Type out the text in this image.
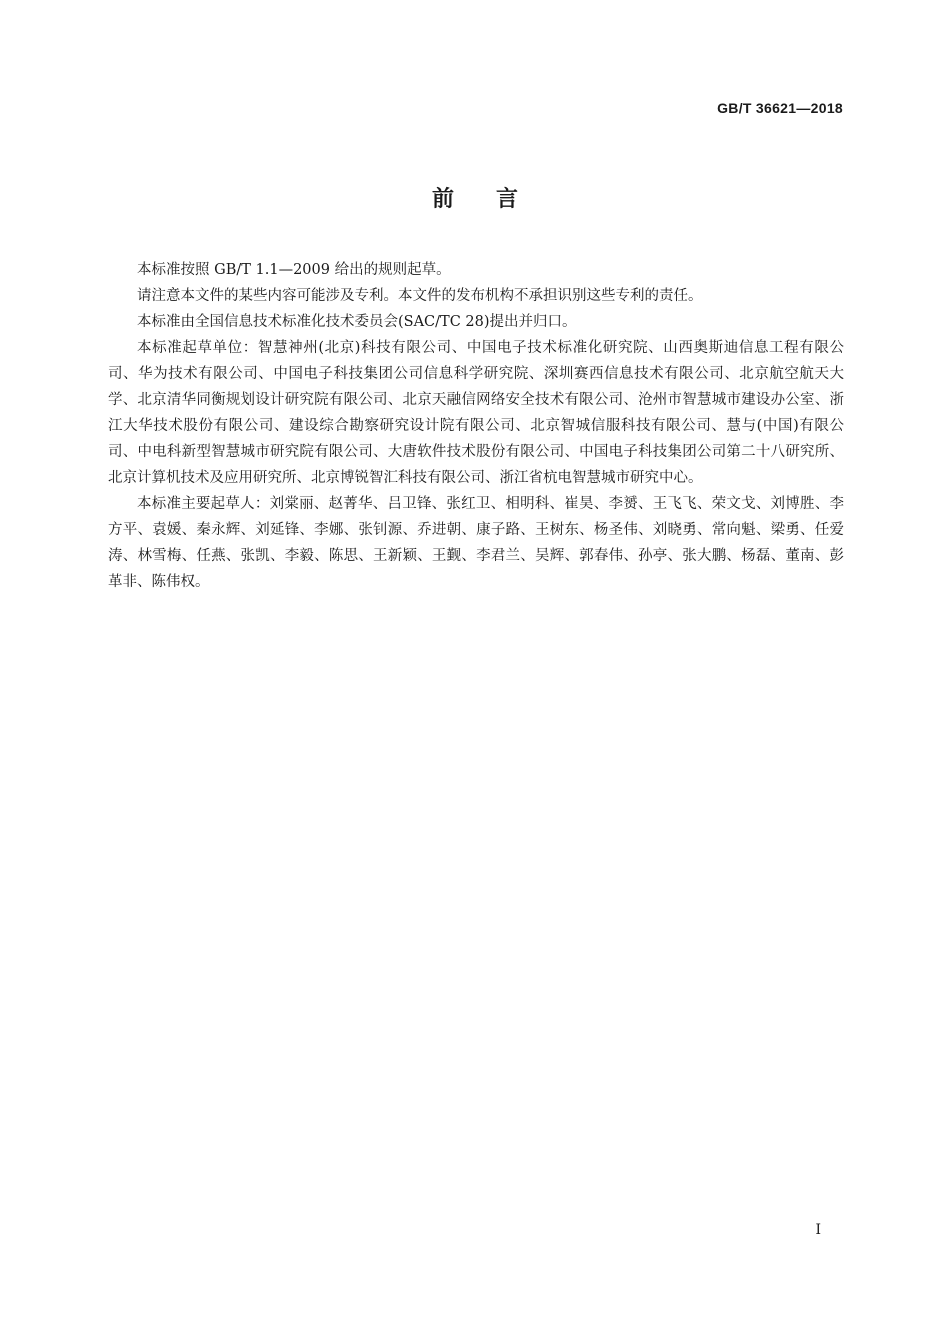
GB/T 36621—2018
前言

本标准按照 GB/T 1.1—2009 给出的规则起草。

请注意本文件的某些内容可能涉及专利。本文件的发布机构不承担识别这些专利的责任。

本标准由全国信息技术标准化技术委员会(SAC/TC 28)提出并归口。

本标准起草单位：智慧神州(北京)科技有限公司、中国电子技术标准化研究院、山西奥斯迪信息工程有限公司、华为技术有限公司、中国电子科技集团公司信息科学研究院、深圳赛西信息技术有限公司、北京航空航天大学、北京清华同衡规划设计研究院有限公司、北京天融信网络安全技术有限公司、沧州市智慧城市建设办公室、浙江大华技术股份有限公司、建设综合勘察研究设计院有限公司、北京智城信服科技有限公司、慧与(中国)有限公司、中电科新型智慧城市研究院有限公司、大唐软件技术股份有限公司、中国电子科技集团公司第二十八研究所、北京计算机技术及应用研究所、北京博锐智汇科技有限公司、浙江省杭电智慧城市研究中心。

本标准主要起草人：刘棠丽、赵菁华、吕卫锋、张红卫、相明科、崔昊、李赟、王飞飞、荣文戈、刘博胜、李方平、袁媛、秦永辉、刘延锋、李娜、张钊源、乔进朝、康子路、王树东、杨圣伟、刘晓勇、常向魁、梁勇、任爱涛、林雪梅、任燕、张凯、李毅、陈思、王新颖、王觐、李君兰、吴辉、郭春伟、孙亭、张大鹏、杨磊、董南、彭革非、陈伟权。

I
